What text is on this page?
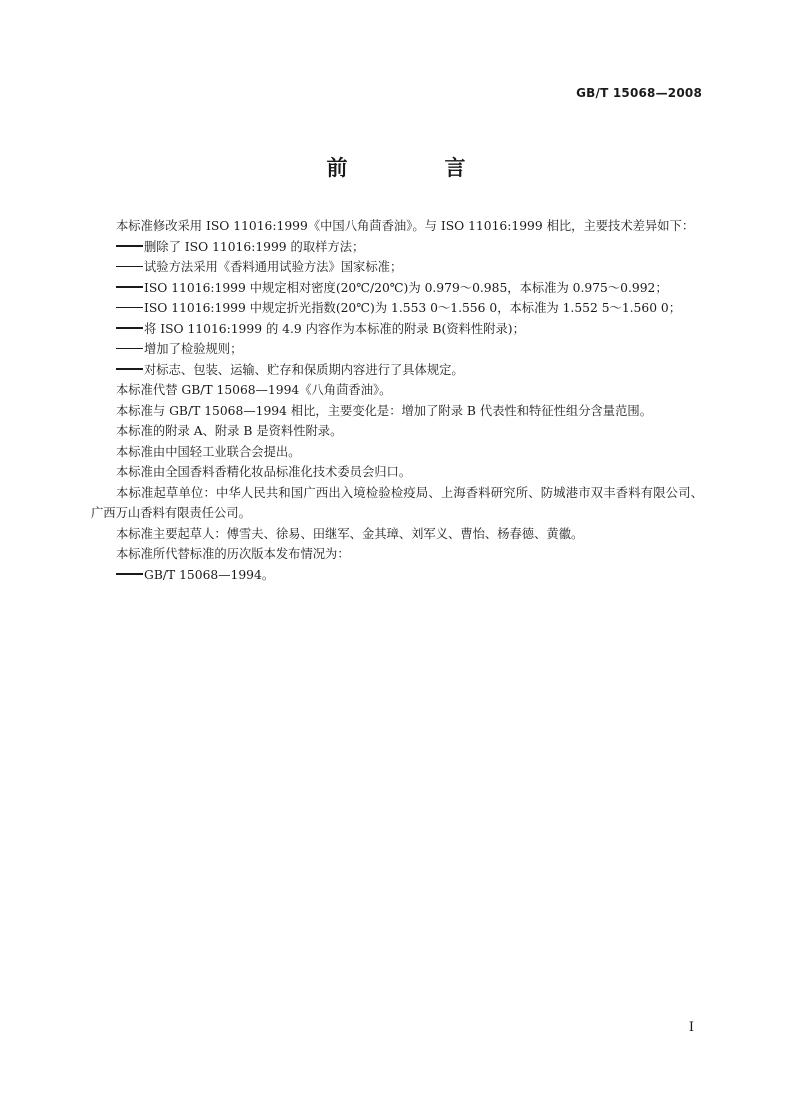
GB/T 15068—2008
前　言

本标准修改采用 ISO 11016:1999《中国八角茴香油》。与 ISO 11016:1999 相比，主要技术差异如下：

删除了 ISO 11016:1999 的取样方法；

试验方法采用《香料通用试验方法》国家标准；

ISO 11016:1999 中规定相对密度(20℃/20℃)为 0.979～0.985，本标准为 0.975～0.992；

ISO 11016:1999 中规定折光指数(20℃)为 1.553 0～1.556 0，本标准为 1.552 5～1.560 0；

将 ISO 11016:1999 的 4.9 内容作为本标准的附录 B(资料性附录)；

增加了检验规则；

对标志、包装、运输、贮存和保质期内容进行了具体规定。

本标准代替 GB/T 15068—1994《八角茴香油》。

本标准与 GB/T 15068—1994 相比，主要变化是：增加了附录 B 代表性和特征性组分含量范围。

本标准的附录 A、附录 B 是资料性附录。

本标准由中国轻工业联合会提出。

本标准由全国香料香精化妆品标准化技术委员会归口。

本标准起草单位：中华人民共和国广西出入境检验检疫局、上海香料研究所、防城港市双丰香料有限公司、广西万山香料有限责任公司。

本标准主要起草人：傅雪夫、徐易、田继军、金其璋、刘军义、曹怡、杨春德、黄徽。

本标准所代替标准的历次版本发布情况为：

GB/T 15068—1994。

I
